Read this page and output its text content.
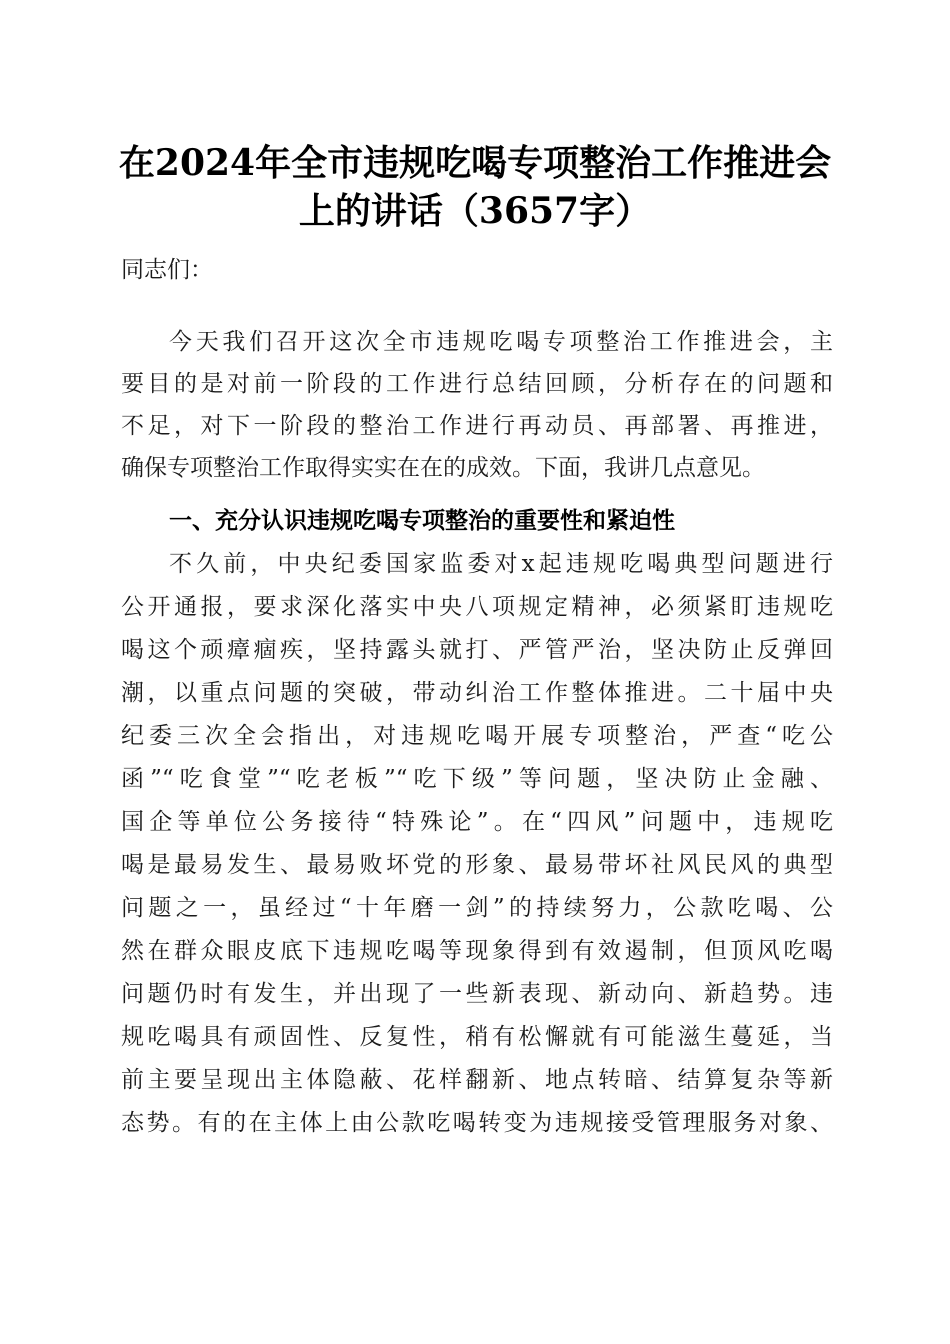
在2024年全市违规吃喝专项整治工作推进会
上的讲话（3657字）
同志们：
今天我们召开这次全市违规吃喝专项整治工作推进会，主
要目的是对前一阶段的工作进行总结回顾，分析存在的问题和
不足，对下一阶段的整治工作进行再动员、再部署、再推进，
确保专项整治工作取得实实在在的成效。下面，我讲几点意见。
一、充分认识违规吃喝专项整治的重要性和紧迫性
不久前，中央纪委国家监委对x起违规吃喝典型问题进行
公开通报，要求深化落实中央八项规定精神，必须紧盯违规吃
喝这个顽瘴痼疾，坚持露头就打、严管严治，坚决防止反弹回
潮，以重点问题的突破，带动纠治工作整体推进。二十届中央
纪委三次全会指出，对违规吃喝开展专项整治，严查“吃公
函”“吃食堂”“吃老板”“吃下级”等问题，坚决防止金融、
国企等单位公务接待“特殊论”。在“四风”问题中，违规吃
喝是最易发生、最易败坏党的形象、最易带坏社风民风的典型
问题之一，虽经过“十年磨一剑”的持续努力，公款吃喝、公
然在群众眼皮底下违规吃喝等现象得到有效遏制，但顶风吃喝
问题仍时有发生，并出现了一些新表现、新动向、新趋势。违
规吃喝具有顽固性、反复性，稍有松懈就有可能滋生蔓延，当
前主要呈现出主体隐蔽、花样翻新、地点转暗、结算复杂等新
态势。有的在主体上由公款吃喝转变为违规接受管理服务对象、
